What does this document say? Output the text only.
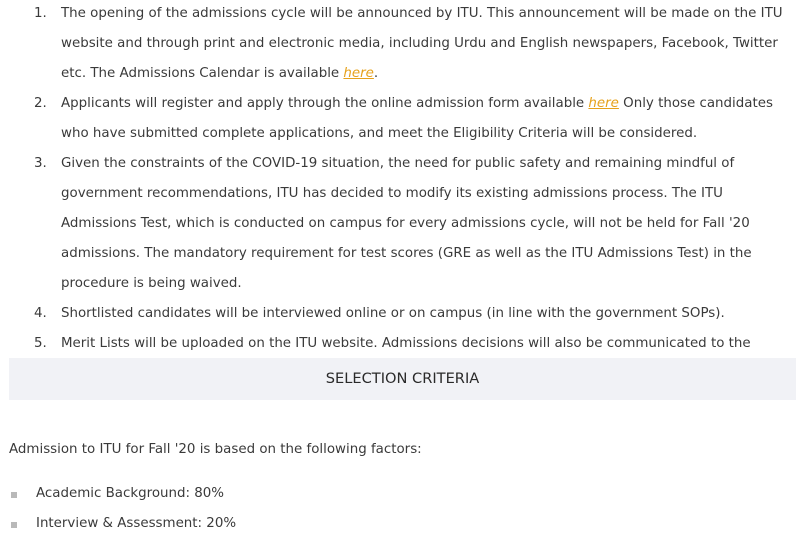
1. The opening of the admissions cycle will be announced by ITU. This announcement will be made on the ITU website and through print and electronic media, including Urdu and English newspapers, Facebook, Twitter etc. The Admissions Calendar is available here.
2. Applicants will register and apply through the online admission form available here Only those candidates who have submitted complete applications, and meet the Eligibility Criteria will be considered.
3. Given the constraints of the COVID-19 situation, the need for public safety and remaining mindful of government recommendations, ITU has decided to modify its existing admissions process. The ITU Admissions Test, which is conducted on campus for every admissions cycle, will not be held for Fall '20 admissions. The mandatory requirement for test scores (GRE as well as the ITU Admissions Test) in the procedure is being waived.
4. Shortlisted candidates will be interviewed online or on campus (in line with the government SOPs).
5. Merit Lists will be uploaded on the ITU website. Admissions decisions will also be communicated to the
SELECTION CRITERIA
Admission to ITU for Fall '20 is based on the following factors:
Academic Background: 80%
Interview & Assessment: 20%
